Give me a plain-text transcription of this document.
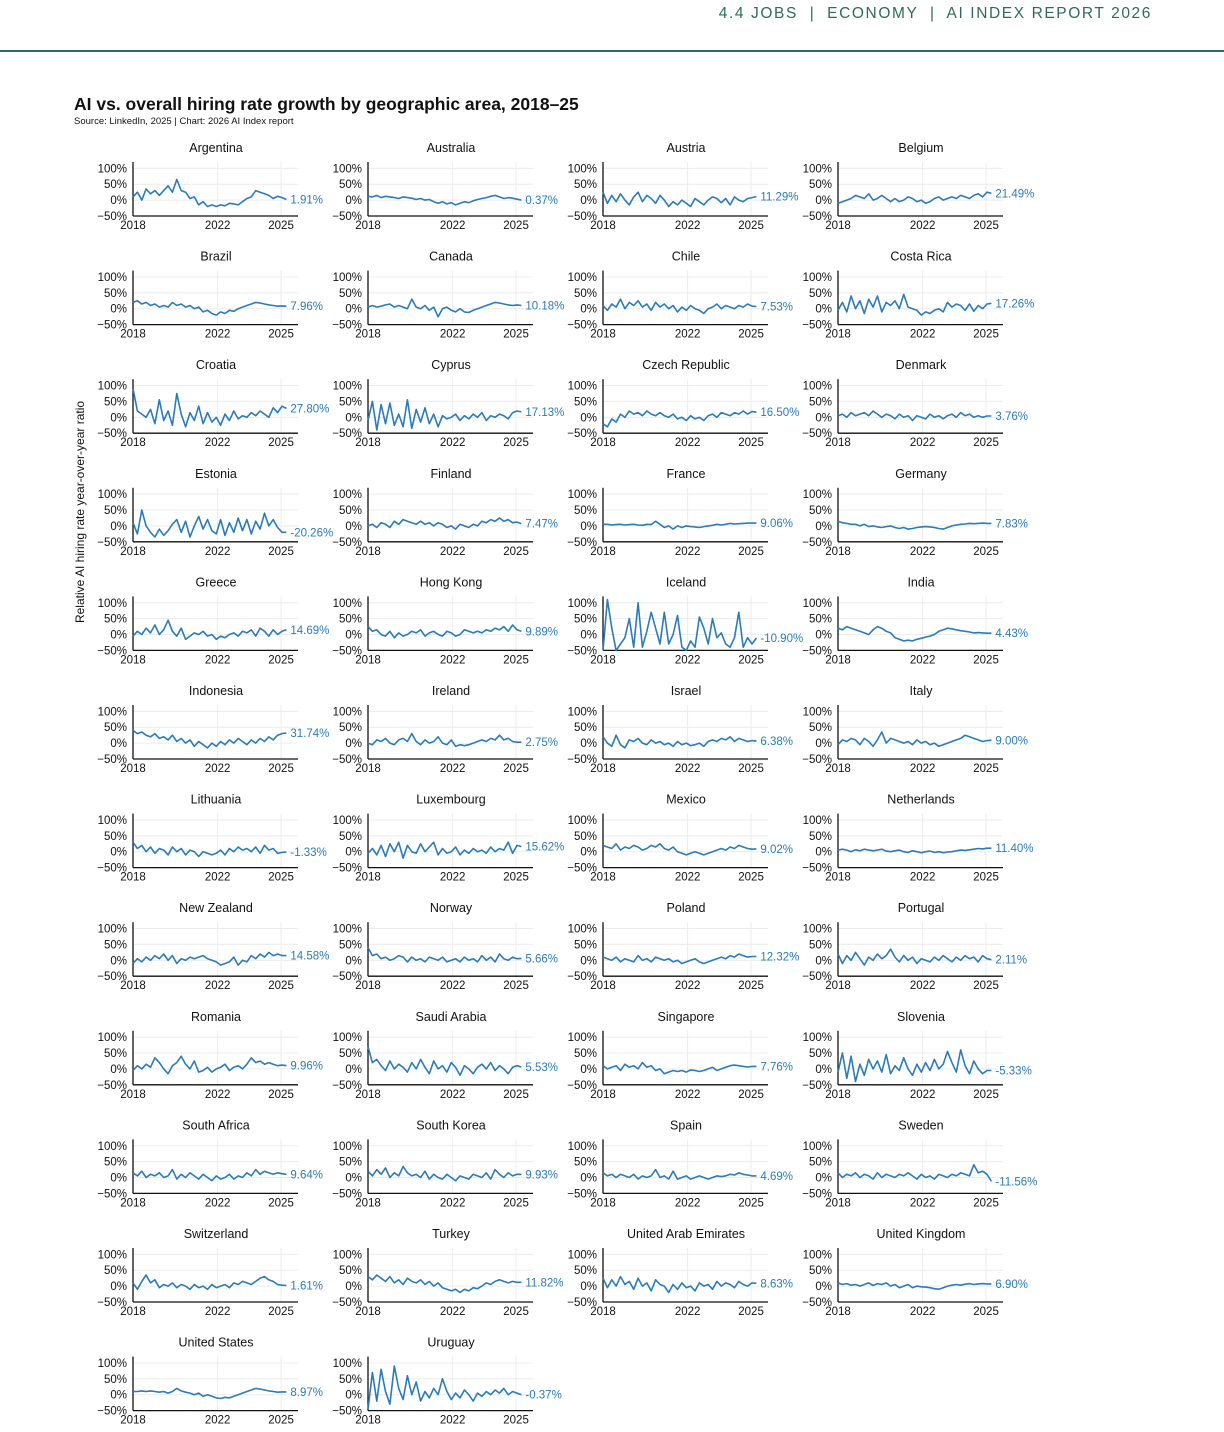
4.4 JOBS  |  ECONOMY  |  AI INDEX REPORT 2026
AI vs. overall hiring rate growth by geographic area, 2018–25
Source: LinkedIn, 2025 | Chart: 2026 AI Index report
Relative AI hiring rate year-over-year ratio
Argentina
100%
50%
0%
−50%
2018	2022	2025
1.91%
Australia
100%
50%
0%
−50%
2018	2022	2025
0.37%
Austria
100%
50%
0%
−50%
2018	2022	2025
11.29%
Belgium
100%
50%
0%
−50%
2018	2022	2025
21.49%
Brazil
100%
50%
0%
−50%
2018	2022	2025
7.96%
Canada
100%
50%
0%
−50%
2018	2022	2025
10.18%
Chile
100%
50%
0%
−50%
2018	2022	2025
7.53%
Costa Rica
100%
50%
0%
−50%
2018	2022	2025
17.26%
Croatia
100%
50%
0%
−50%
2018	2022	2025
27.80%
Cyprus
100%
50%
0%
−50%
2018	2022	2025
17.13%
Czech Republic
100%
50%
0%
−50%
2018	2022	2025
16.50%
Denmark
100%
50%
0%
−50%
2018	2022	2025
3.76%
Estonia
100%
50%
0%
−50%
2018	2022	2025
-20.26%
Finland
100%
50%
0%
−50%
2018	2022	2025
7.47%
France
100%
50%
0%
−50%
2018	2022	2025
9.06%
Germany
100%
50%
0%
−50%
2018	2022	2025
7.83%
Greece
100%
50%
0%
−50%
2018	2022	2025
14.69%
Hong Kong
100%
50%
0%
−50%
2018	2022	2025
9.89%
Iceland
100%
50%
0%
−50%
2018	2022	2025
-10.90%
India
100%
50%
0%
−50%
2018	2022	2025
4.43%
Indonesia
100%
50%
0%
−50%
2018	2022	2025
31.74%
Ireland
100%
50%
0%
−50%
2018	2022	2025
2.75%
Israel
100%
50%
0%
−50%
2018	2022	2025
6.38%
Italy
100%
50%
0%
−50%
2018	2022	2025
9.00%
Lithuania
100%
50%
0%
−50%
2018	2022	2025
-1.33%
Luxembourg
100%
50%
0%
−50%
2018	2022	2025
15.62%
Mexico
100%
50%
0%
−50%
2018	2022	2025
9.02%
Netherlands
100%
50%
0%
−50%
2018	2022	2025
11.40%
New Zealand
100%
50%
0%
−50%
2018	2022	2025
14.58%
Norway
100%
50%
0%
−50%
2018	2022	2025
5.66%
Poland
100%
50%
0%
−50%
2018	2022	2025
12.32%
Portugal
100%
50%
0%
−50%
2018	2022	2025
2.11%
Romania
100%
50%
0%
−50%
2018	2022	2025
9.96%
Saudi Arabia
100%
50%
0%
−50%
2018	2022	2025
5.53%
Singapore
100%
50%
0%
−50%
2018	2022	2025
7.76%
Slovenia
100%
50%
0%
−50%
2018	2022	2025
-5.33%
South Africa
100%
50%
0%
−50%
2018	2022	2025
9.64%
South Korea
100%
50%
0%
−50%
2018	2022	2025
9.93%
Spain
100%
50%
0%
−50%
2018	2022	2025
4.69%
Sweden
100%
50%
0%
−50%
2018	2022	2025
-11.56%
Switzerland
100%
50%
0%
−50%
2018	2022	2025
1.61%
Turkey
100%
50%
0%
−50%
2018	2022	2025
11.82%
United Arab Emirates
100%
50%
0%
−50%
2018	2022	2025
8.63%
United Kingdom
100%
50%
0%
−50%
2018	2022	2025
6.90%
United States
100%
50%
0%
−50%
2018	2022	2025
8.97%
Uruguay
100%
50%
0%
−50%
2018	2022	2025
-0.37%
